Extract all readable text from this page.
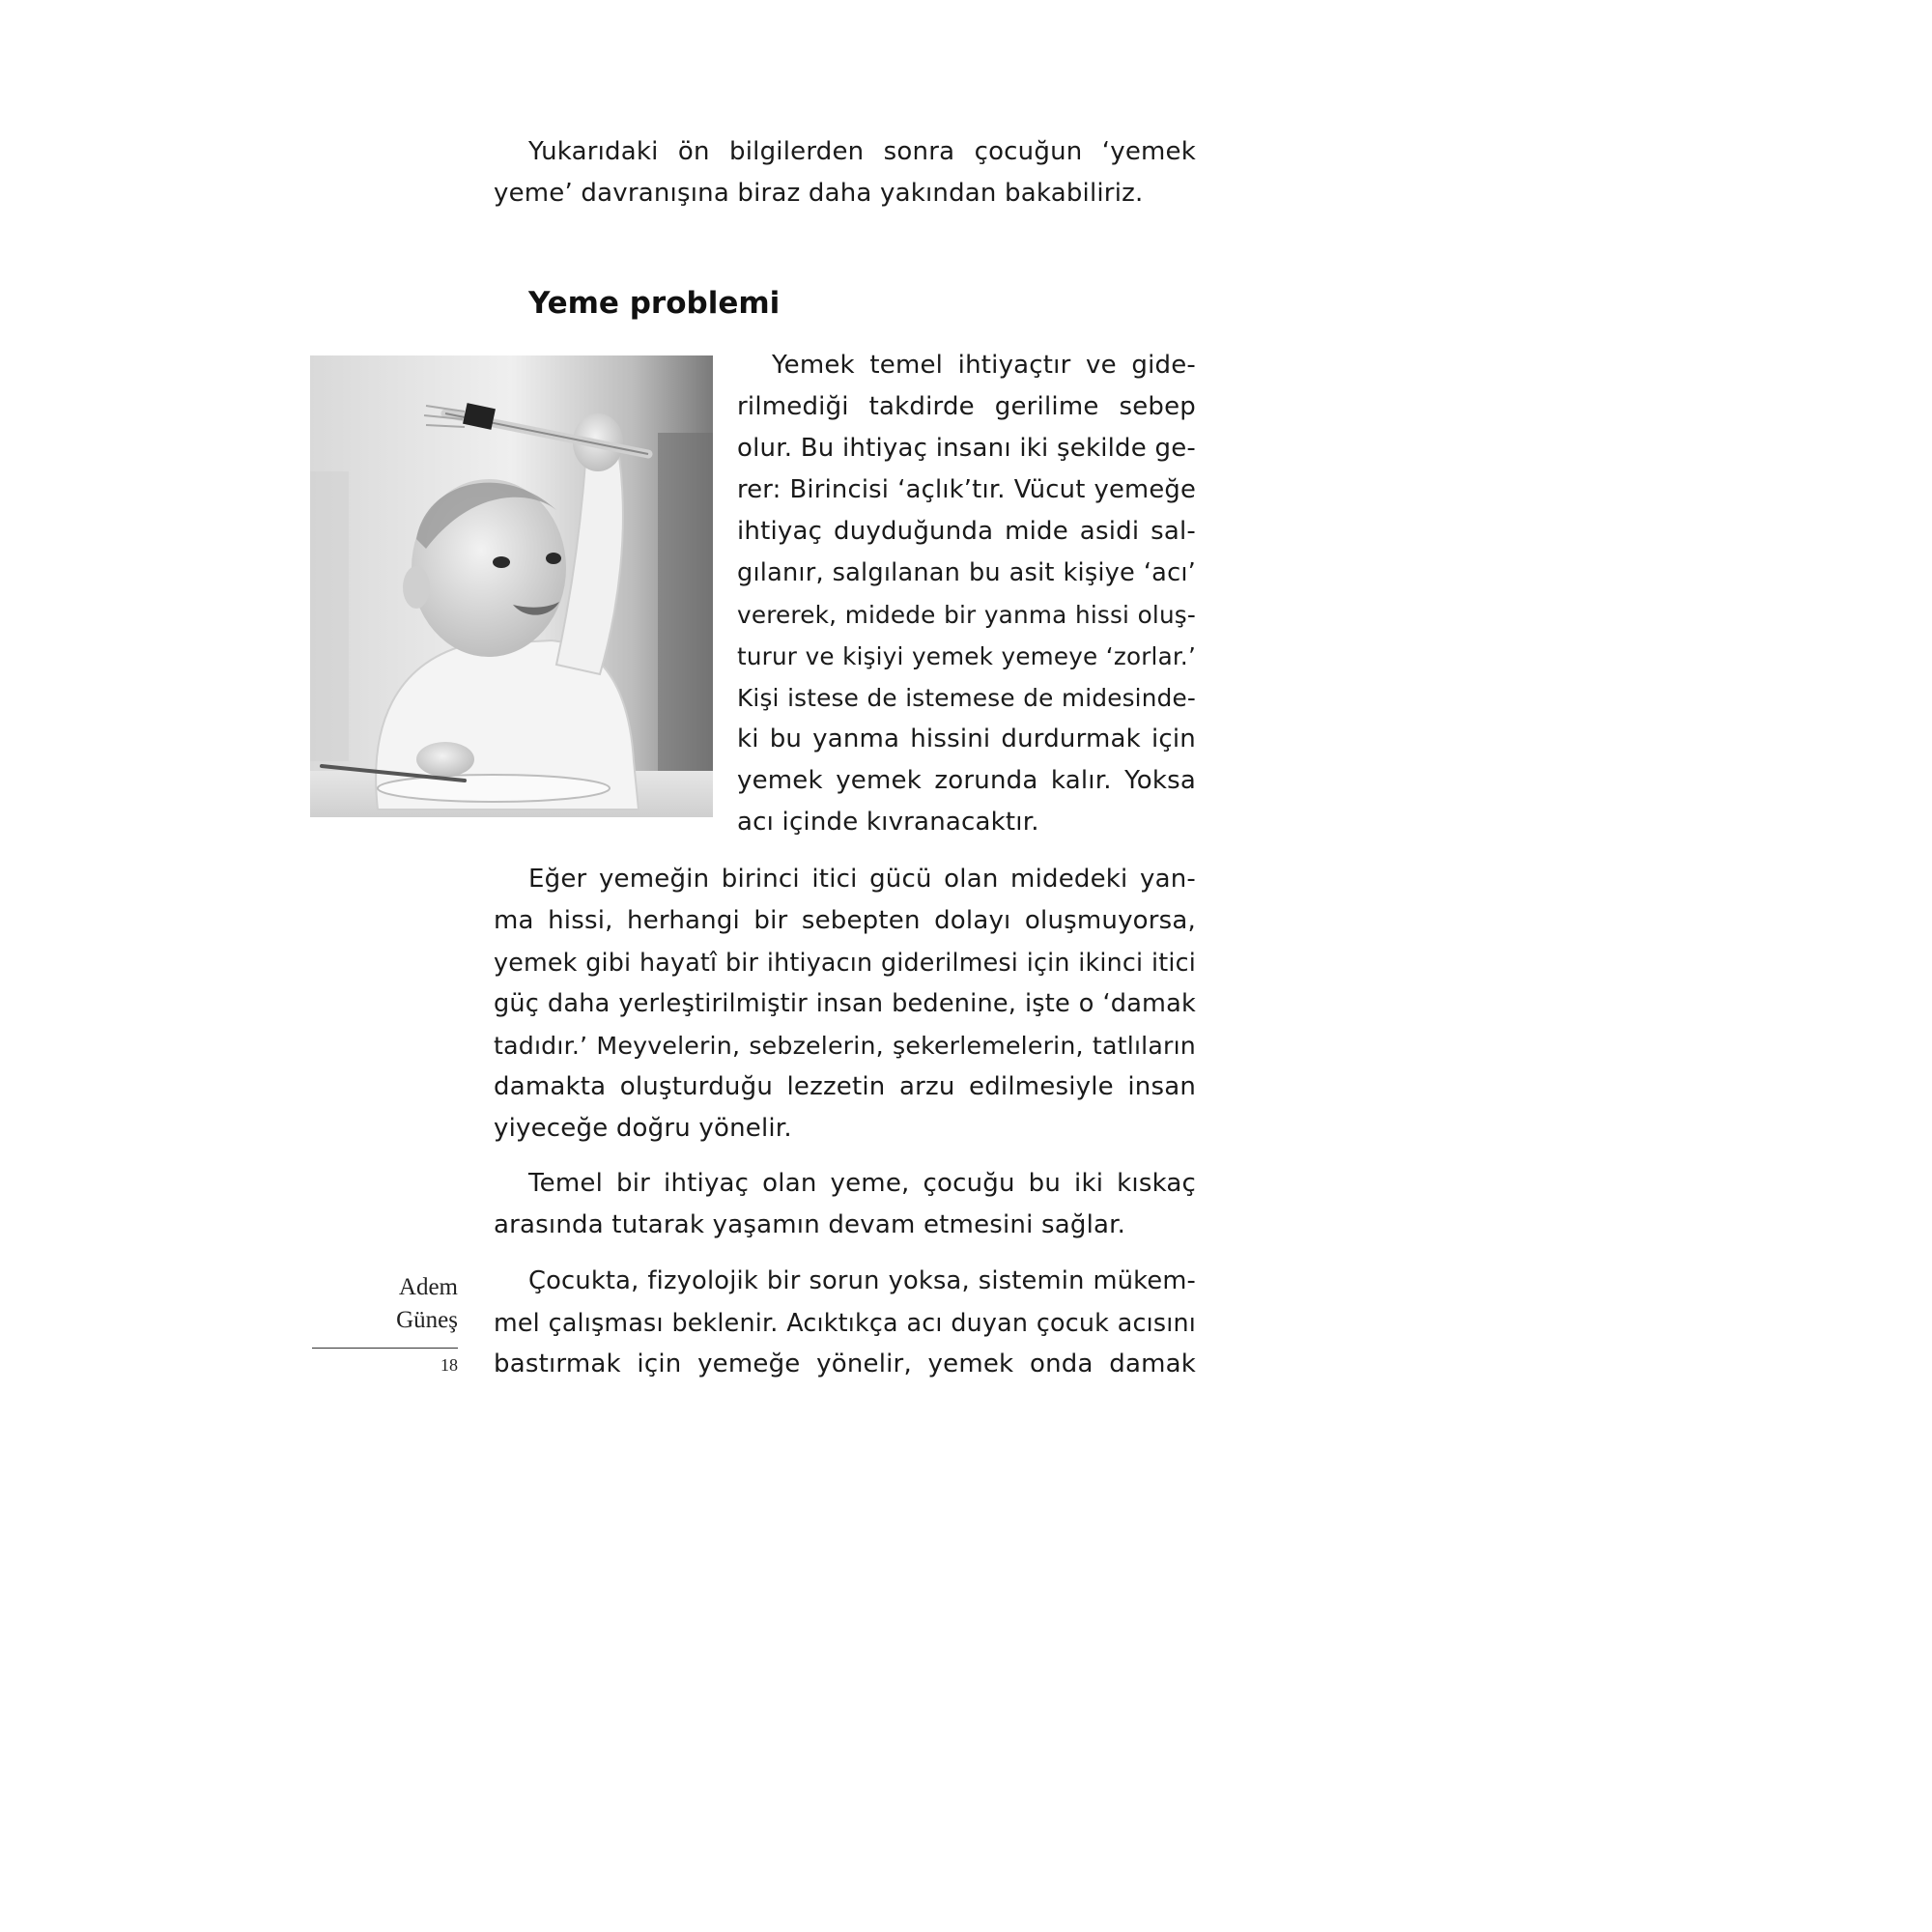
Yukarıdaki ön bilgilerden sonra çocuğun ‘yemek
yeme’ davranışına biraz daha yakından bakabiliriz.
Yeme problemi
Yemek temel ihtiyaçtır ve gide-
rilmediği takdirde gerilime sebep
olur. Bu ihtiyaç insanı iki şekilde ge-
rer: Birincisi ‘açlık’tır. Vücut yemeğe
ihtiyaç duyduğunda mide asidi sal-
gılanır, salgılanan bu asit kişiye ‘acı’
vererek, midede bir yanma hissi oluş-
turur ve kişiyi yemek yemeye ‘zorlar.’
Kişi istese de istemese de midesinde-
ki bu yanma hissini durdurmak için
yemek yemek zorunda kalır. Yoksa
acı içinde kıvranacaktır.
Eğer yemeğin birinci itici gücü olan midedeki yan-
ma hissi, herhangi bir sebepten dolayı oluşmuyorsa,
yemek gibi hayatî bir ihtiyacın giderilmesi için ikinci itici
güç daha yerleştirilmiştir insan bedenine, işte o ‘damak
tadıdır.’ Meyvelerin, sebzelerin, şekerlemelerin, tatlıların
damakta oluşturduğu lezzetin arzu edilmesiyle insan
yiyeceğe doğru yönelir.
Temel bir ihtiyaç olan yeme, çocuğu bu iki kıskaç
arasında tutarak yaşamın devam etmesini sağlar.
Çocukta, fizyolojik bir sorun yoksa, sistemin mükem-
mel çalışması beklenir. Acıktıkça acı duyan çocuk acısını
bastırmak için yemeğe yönelir, yemek onda damak
Adem
Güneş
18
